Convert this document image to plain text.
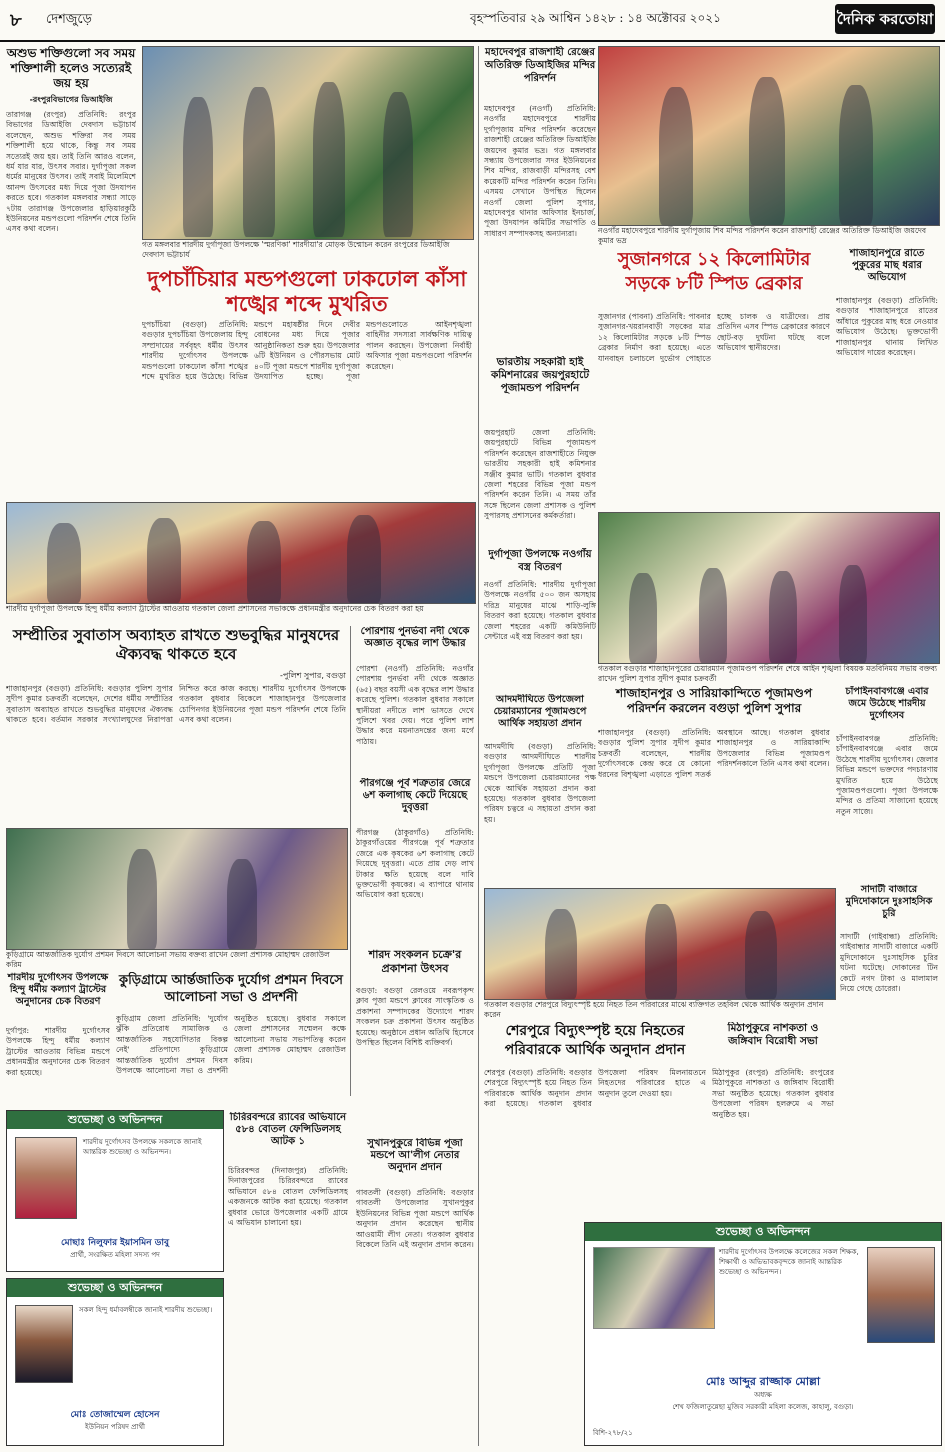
৮ দেশজুড়ে	বৃহস্পতিবার ২৯ আশ্বিন ১৪২৮ : ১৪ অক্টোবর ২০২১	দৈনিক করতোয়া
অশুভ শক্তিগুলো সব সময় শক্তিশালী হলেও সত্যেরই জয় হয়
-রংপুরবিভাগের ডিআইজি
তারাগঞ্জ (রংপুর) প্রতিনিধি: রংপুর বিভাগের ডিআইজি দেবদাস ভট্টাচার্য বলেছেন, অশুভ শক্তিরা সব সময় শক্তিশালী হয়ে থাকে, কিন্তু সব সময় সত্যেরই জয় হয়। তাই তিনি আরও বলেন, ধর্ম যার যার, উৎসব সবার। দুর্গাপূজা সকল ধর্মের মানুষের উৎসব। তাই সবাই মিলেমিশে আনন্দ উৎসবের মধ্য দিয়ে পূজা উদযাপন করতে হবে। গতকাল মঙ্গলবার সন্ধ্যা সাড়ে ৭টায় তারাগঞ্জ উপজেলার হাড়িয়ারকুঠি ইউনিয়নের মন্ডপগুলো পরিদর্শন শেষে তিনি এসব কথা বলেন।
গত মঙ্গলবার শারদীয় দুর্গাপূজা উপলক্ষে 'স্মরণিকা' শারদীয়া'র মোড়ক উন্মোচন করেন রংপুরের ডিআইজি দেবদাস ভট্টাচার্য
দুপচাঁচিয়ার মন্ডপগুলো ঢাকঢোল কাঁসা শঙ্খের শব্দে মুখরিত
দুপচাঁচিয়া (বগুড়া) প্রতিনিধি: বগুড়ার দুপচাঁচিয়া উপজেলায় হিন্দু সম্প্রদায়ের সর্ববৃহৎ ধর্মীয় উৎসব শারদীয় দুর্গোৎসব উপলক্ষে মন্ডপগুলো ঢাকঢোল কাঁসা শঙ্খের শব্দে মুখরিত হয়ে উঠেছে। বিভিন্ন মন্ডপে মহাষষ্ঠীর দিনে দেবীর বোধনের মধ্য দিয়ে পূজার আনুষ্ঠানিকতা শুরু হয়। উপজেলার ৬টি ইউনিয়ন ও পৌরসভায় মোট ৪০টি পূজা মন্ডপে শারদীয় দুর্গাপূজা উদযাপিত হচ্ছে। পূজা মন্ডপগুলোতে আইনশৃঙ্খলা বাহিনীর সদস্যরা সার্বক্ষণিক দায়িত্ব পালন করছেন। উপজেলা নির্বাহী অফিসার পূজা মন্ডপগুলো পরিদর্শন করেছেন।
শারদীয় দুর্গাপূজা উপলক্ষে হিন্দু ধর্মীয় কল্যাণ ট্রাস্টের আওতায় গতকাল জেলা প্রশাসনের সভাকক্ষে প্রধানমন্ত্রীর অনুদানের চেক বিতরণ করা হয়
সম্প্রীতির সুবাতাস অব্যাহত রাখতে শুভবুদ্ধির মানুষদের ঐক্যবদ্ধ থাকতে হবে
-পুলিশ সুপার, বগুড়া
শাজাহানপুর (বগুড়া) প্রতিনিধি: বগুড়ার পুলিশ সুপার সুদীপ কুমার চক্রবর্তী বলেছেন, দেশের ধর্মীয় সম্প্রীতির সুবাতাস অব্যাহত রাখতে শুভবুদ্ধির মানুষদের ঐক্যবদ্ধ থাকতে হবে। বর্তমান সরকার সংখ্যালঘুদের নিরাপত্তা নিশ্চিত করে কাজ করছে। শারদীয় দুর্গোৎসব উপলক্ষে গতকাল বুধবার বিকেলে শাজাহানপুর উপজেলার চোপিনগর ইউনিয়নের পূজা মন্ডপ পরিদর্শন শেষে তিনি এসব কথা বলেন।
পোরশায় পুনর্ভবা নদী থেকে অজ্ঞাত বৃদ্ধের লাশ উদ্ধার
পোরশা (নওগাঁ) প্রতিনিধি: নওগাঁর পোরশায় পুনর্ভবা নদী থেকে অজ্ঞাত (৬৫) বছর বয়সী এক বৃদ্ধের লাশ উদ্ধার করেছে পুলিশ। গতকাল বুধবার সকালে স্থানীয়রা নদীতে লাশ ভাসতে দেখে পুলিশে খবর দেয়। পরে পুলিশ লাশ উদ্ধার করে ময়নাতদন্তের জন্য মর্গে পাঠায়।
পীরগঞ্জে পূর্ব শত্রুতার জেরে ৬শ কলাগাছ কেটে দিয়েছে দুবৃত্তরা
পীরগঞ্জ (ঠাকুরগাঁও) প্রতিনিধি: ঠাকুরগাঁওয়ের পীরগঞ্জে পূর্ব শত্রুতার জেরে এক কৃষকের ৬শ কলাগাছ কেটে দিয়েছে দুবৃত্তরা। এতে প্রায় দেড় লাখ টাকার ক্ষতি হয়েছে বলে দাবি ভুক্তভোগী কৃষকের। এ ব্যাপারে থানায় অভিযোগ করা হয়েছে।
কুড়িগ্রামে আন্তর্জাতিক দুর্যোগ প্রশমন দিবসে আলোচনা সভায় বক্তব্য রাখেন জেলা প্রশাসক মোহাম্মদ রেজাউল করিম
শারদীয় দুর্গোৎসব উপলক্ষে হিন্দু ধর্মীয় কল্যাণ ট্রাস্টের অনুদানের চেক বিতরণ
দুর্গাপুর: শারদীয় দুর্গোৎসব উপলক্ষে হিন্দু ধর্মীয় কল্যাণ ট্রাস্টের আওতায় বিভিন্ন মন্ডপে প্রধানমন্ত্রীর অনুদানের চেক বিতরণ করা হয়েছে।
কুড়িগ্রামে আর্ন্তজাতিক দুর্যোগ প্রশমন দিবসে আলোচনা সভা ও প্রদর্শনী
কুড়িগ্রাম জেলা প্রতিনিধি: 'দুর্যোগ ঝুঁকি প্রতিরোধ সামাজিক ও আন্তর্জাতিক সহযোগিতার বিকল্প নেই' প্রতিপাদ্যে কুড়িগ্রামে আন্তর্জাতিক দুর্যোগ প্রশমন দিবস উপলক্ষে আলোচনা সভা ও প্রদর্শনী অনুষ্ঠিত হয়েছে। বুধবার সকালে জেলা প্রশাসনের সম্মেলন কক্ষে আলোচনা সভায় সভাপতিত্ব করেন জেলা প্রশাসক মোহাম্মদ রেজাউল করিম।
শারদ সংকলন চক্রে'র প্রকাশনা উৎসব
বগুড়া: বগুড়া রেলওয়ে নবরূপকৃন্দ ক্লাব পূজা মন্ডপে ক্লাবের সাংস্কৃতিক ও প্রকাশনা সম্পাদকের উদ্যোগে শারদ সংকলন চক্র প্রকাশনা উৎসব অনুষ্ঠিত হয়েছে। অনুষ্ঠানে প্রধান অতিথি হিসেবে উপস্থিত ছিলেন বিশিষ্ট ব্যক্তিবর্গ।
শুভেচ্ছা ও অভিনন্দন
শারদীয় দুর্গোৎসব উপলক্ষে সকলকে জানাই আন্তরিক শুভেচ্ছা ও অভিনন্দন।
মোছাঃ নিলুফার ইয়াসমিন ডাবু
প্রার্থী, সংরক্ষিত মহিলা সদস্য পদ
শুভেচ্ছা ও অভিনন্দন
সকল হিন্দু ধর্মাবলম্বীকে জানাই শারদীয় শুভেচ্ছা।
মোঃ তোজাম্মেল হোসেন
ইউনিয়ন পরিষদ প্রার্থী
চিরিরবন্দরে র‍্যাবের অভিযানে ৫৮৪ বোতল ফেন্সিডিলসহ আটক ১
চিরিরবন্দর (দিনাজপুর) প্রতিনিধি: দিনাজপুরের চিরিরবন্দরে র‍্যাবের অভিযানে ৫৮৪ বোতল ফেন্সিডিলসহ একজনকে আটক করা হয়েছে। গতকাল বুধবার ভোরে উপজেলার একটি গ্রামে এ অভিযান চালানো হয়।
সুখানপুকুরে বিভিন্ন পূজা মন্ডপে আ'লীগ নেতার অনুদান প্রদান
গাবতলী (বগুড়া) প্রতিনিধি: বগুড়ার গাবতলী উপজেলার সুখানপুকুর ইউনিয়নের বিভিন্ন পূজা মন্ডপে আর্থিক অনুদান প্রদান করেছেন স্থানীয় আওয়ামী লীগ নেতা। গতকাল বুধবার বিকেলে তিনি এই অনুদান প্রদান করেন।
মহাদেবপুর রাজশাহী রেঞ্জের অতিরিক্ত ডিআইজির মন্দির পরিদর্শন
মহাদেবপুর (নওগাঁ) প্রতিনিধি: নওগাঁর মহাদেবপুরে শারদীয় দুর্গাপূজায় মন্দির পরিদর্শন করেছেন রাজশাহী রেঞ্জের অতিরিক্ত ডিআইজি জয়দেব কুমার ভদ্র। গত মঙ্গলবার সন্ধ্যায় উপজেলার সদর ইউনিয়নের শিব মন্দির, রাজবাড়ী মন্দিরসহ বেশ কয়েকটি মন্দির পরিদর্শন করেন তিনি। এসময় সেখানে উপস্থিত ছিলেন নওগাঁ জেলা পুলিশ সুপার, মহাদেবপুর থানার অফিসার ইনচার্জ, পূজা উদযাপন কমিটির সভাপতি ও সাধারণ সম্পাদকসহ অন্যান্যরা।
ভারতীয় সহকারী হাই কমিশনারের জয়পুরহাটে পূজামন্ডপ পরিদর্শন
জয়পুরহাট জেলা প্রতিনিধি: জয়পুরহাটে বিভিন্ন পূজামন্ডপ পরিদর্শন করেছেন রাজশাহীতে নিযুক্ত ভারতীয় সহকারী হাই কমিশনার সঞ্জীব কুমার ভাটি। গতকাল বুধবার জেলা শহরের বিভিন্ন পূজা মন্ডপ পরিদর্শন করেন তিনি। এ সময় তাঁর সঙ্গে ছিলেন জেলা প্রশাসক ও পুলিশ সুপারসহ প্রশাসনের কর্মকর্তারা।
দুর্গাপূজা উপলক্ষে নওগাঁয় বস্ত্র বিতরণ
নওগাঁ প্রতিনিধি: শারদীয় দুর্গাপূজা উপলক্ষে নওগাঁয় ৫০০ জন অসহায় দরিদ্র মানুষের মাঝে শাড়ি-লুঙ্গি বিতরণ করা হয়েছে। গতকাল বুধবার জেলা শহরের একটি কমিউনিটি সেন্টারে এই বস্ত্র বিতরণ করা হয়।
আদমদীঘিতে উপজেলা চেয়ারম্যানের পূজামণ্ডপে আর্থিক সহায়তা প্রদান
আদমদীঘি (বগুড়া) প্রতিনিধি: বগুড়ার আদমদীঘিতে শারদীয় দুর্গাপূজা উপলক্ষে প্রতিটি পূজা মন্ডপে উপজেলা চেয়ারম্যানের পক্ষ থেকে আর্থিক সহায়তা প্রদান করা হয়েছে। গতকাল বুধবার উপজেলা পরিষদ চত্বরে এ সহায়তা প্রদান করা হয়।
নওগাঁর মহাদেবপুরে শারদীয় দুর্গাপূজায় শিব মন্দির পরিদর্শন করেন রাজশাহী রেঞ্জের অতিরিক্ত ডিআইজি জয়দেব কুমার ভদ্র
সুজানগরে ১২ কিলোমিটার সড়কে ৮টি স্পিড ব্রেকার
সুজানগর (পাবনা) প্রতিনিধি: পাবনার সুজানগর-খয়রানবাড়ী সড়কের মাত্র ১২ কিলোমিটার সড়কে ৮টি স্পিড ব্রেকার নির্মাণ করা হয়েছে। এতে যানবাহন চলাচলে দুর্ভোগ পোহাতে হচ্ছে চালক ও যাত্রীদের। প্রায় প্রতিদিন এসব স্পিড ব্রেকারের কারণে ছোট-বড় দুর্ঘটনা ঘটছে বলে অভিযোগ স্থানীয়দের।
শাজাহানপুরে রাতে পুকুরের মাছ ধরার অভিযোগ
শাজাহানপুর (বগুড়া) প্রতিনিধি: বগুড়ার শাজাহানপুরে রাতের আঁধারে পুকুরের মাছ ধরে নেওয়ার অভিযোগ উঠেছে। ভুক্তভোগী শাজাহানপুর থানায় লিখিত অভিযোগ দায়ের করেছেন।
গতকাল বগুড়ার শাজাহানপুরের চেয়ারম্যান পূজামণ্ডপ পরিদর্শন শেষে আইন শৃঙ্খলা বিষয়ক মতবিনিময় সভায় বক্তব্য রাখেন পুলিশ সুপার সুদীপ কুমার চক্রবর্তী
শাজাহানপুর ও সারিয়াকান্দিতে পূজামণ্ডপ পরিদর্শন করলেন বগুড়া পুলিশ সুপার
শাজাহানপুর (বগুড়া) প্রতিনিধি: বগুড়ার পুলিশ সুপার সুদীপ কুমার চক্রবর্তী বলেছেন, শারদীয় দুর্গোৎসবকে কেন্দ্র করে যে কোনো ধরনের বিশৃঙ্খলা এড়াতে পুলিশ সতর্ক অবস্থানে আছে। গতকাল বুধবার শাজাহানপুর ও সারিয়াকান্দি উপজেলার বিভিন্ন পূজামণ্ডপ পরিদর্শনকালে তিনি এসব কথা বলেন।
চাঁপাইনবাবগঞ্জে এবার জমে উঠেছে শারদীয় দুর্গোৎসব
চাঁপাইনবাবগঞ্জ প্রতিনিধি: চাঁপাইনবাবগঞ্জে এবার জমে উঠেছে শারদীয় দুর্গোৎসব। জেলার বিভিন্ন মন্ডপে ভক্তদের পদচারণায় মুখরিত হয়ে উঠেছে পূজামণ্ডপগুলো। পূজা উপলক্ষে মন্দির ও প্রতিমা সাজানো হয়েছে নতুন সাজে।
গতকাল বগুড়ার শেরপুরে বিদ্যুৎস্পৃষ্ট হয়ে নিহত তিন পরিবারের মাঝে ব্যক্তিগত তহবিল থেকে আর্থিক অনুদান প্রদান করেন
শেরপুরে বিদ্যুৎস্পৃষ্ট হয়ে নিহতের পরিবারকে আর্থিক অনুদান প্রদান
শেরপুর (বগুড়া) প্রতিনিধি: বগুড়ার শেরপুরে বিদ্যুৎস্পৃষ্ট হয়ে নিহত তিন পরিবারকে আর্থিক অনুদান প্রদান করা হয়েছে। গতকাল বুধবার উপজেলা পরিষদ মিলনায়তনে নিহতদের পরিবারের হাতে এ অনুদান তুলে দেওয়া হয়।
মিঠাপুকুরে নাশকতা ও জঙ্গিবাদ বিরোধী সভা
মিঠাপুকুর (রংপুর) প্রতিনিধি: রংপুরের মিঠাপুকুরে নাশকতা ও জঙ্গিবাদ বিরোধী সভা অনুষ্ঠিত হয়েছে। গতকাল বুধবার উপজেলা পরিষদ হলরুমে এ সভা অনুষ্ঠিত হয়।
সাদাটী বাজারে মুদিদোকানে দুঃসাহসিক চুরি
সাদাটী (গাইবান্ধা) প্রতিনিধি: গাইবান্ধার সাদাটী বাজারে একটি মুদিদোকানে দুঃসাহসিক চুরির ঘটনা ঘটেছে। দোকানের টিন কেটে নগদ টাকা ও মালামাল নিয়ে গেছে চোরেরা।
শুভেচ্ছা ও অভিনন্দন
শারদীয় দুর্গোৎসব উপলক্ষে কলেজের সকল শিক্ষক, শিক্ষার্থী ও অভিভাবকবৃন্দকে জানাই আন্তরিক শুভেচ্ছা ও অভিনন্দন।
মোঃ আব্দুর রাজ্জাক মোল্লা
অধ্যক্ষ
শেখ ফজিলাতুন্নেছা মুজিব সরকারী মহিলা কলেজ, কাহালু, বগুড়া।
বিশি-২৭৮/২১
